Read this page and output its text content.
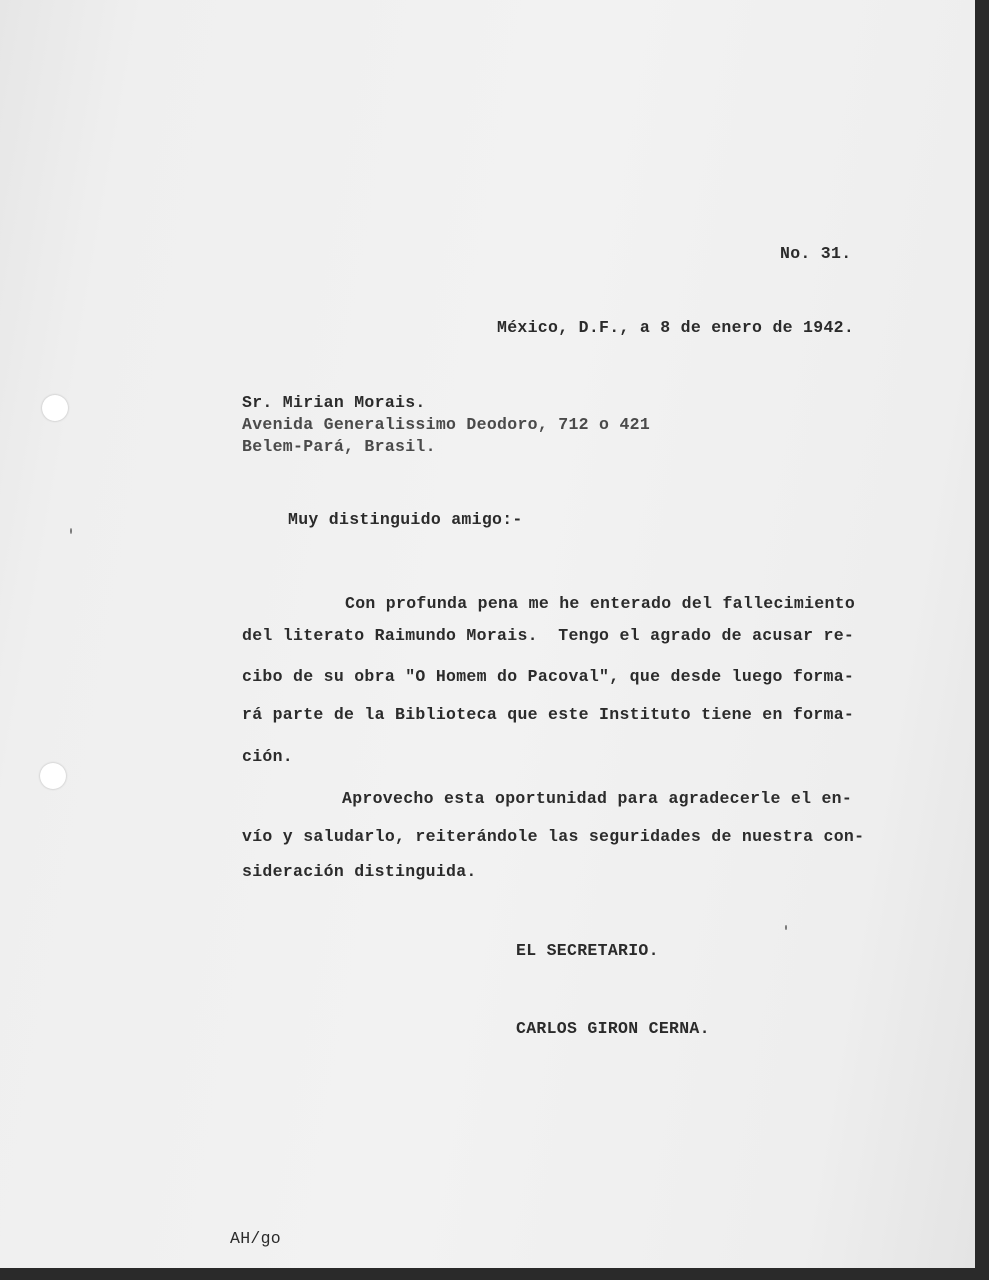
No. 31.
México, D.F., a 8 de enero de 1942.
Sr. Mirian Morais.
Avenida Generalissimo Deodoro, 712 o 421
Belem-Pará, Brasil.
Muy distinguido amigo:-
Con profunda pena me he enterado del fallecimiento
del literato Raimundo Morais.  Tengo el agrado de acusar re-
cibo de su obra "O Homem do Pacoval", que desde luego forma-
rá parte de la Biblioteca que este Instituto tiene en forma-
ción.
Aprovecho esta oportunidad para agradecerle el en-
vío y saludarlo, reiterándole las seguridades de nuestra con-
sideración distinguida.
EL SECRETARIO.
CARLOS GIRON CERNA.
AH/go
